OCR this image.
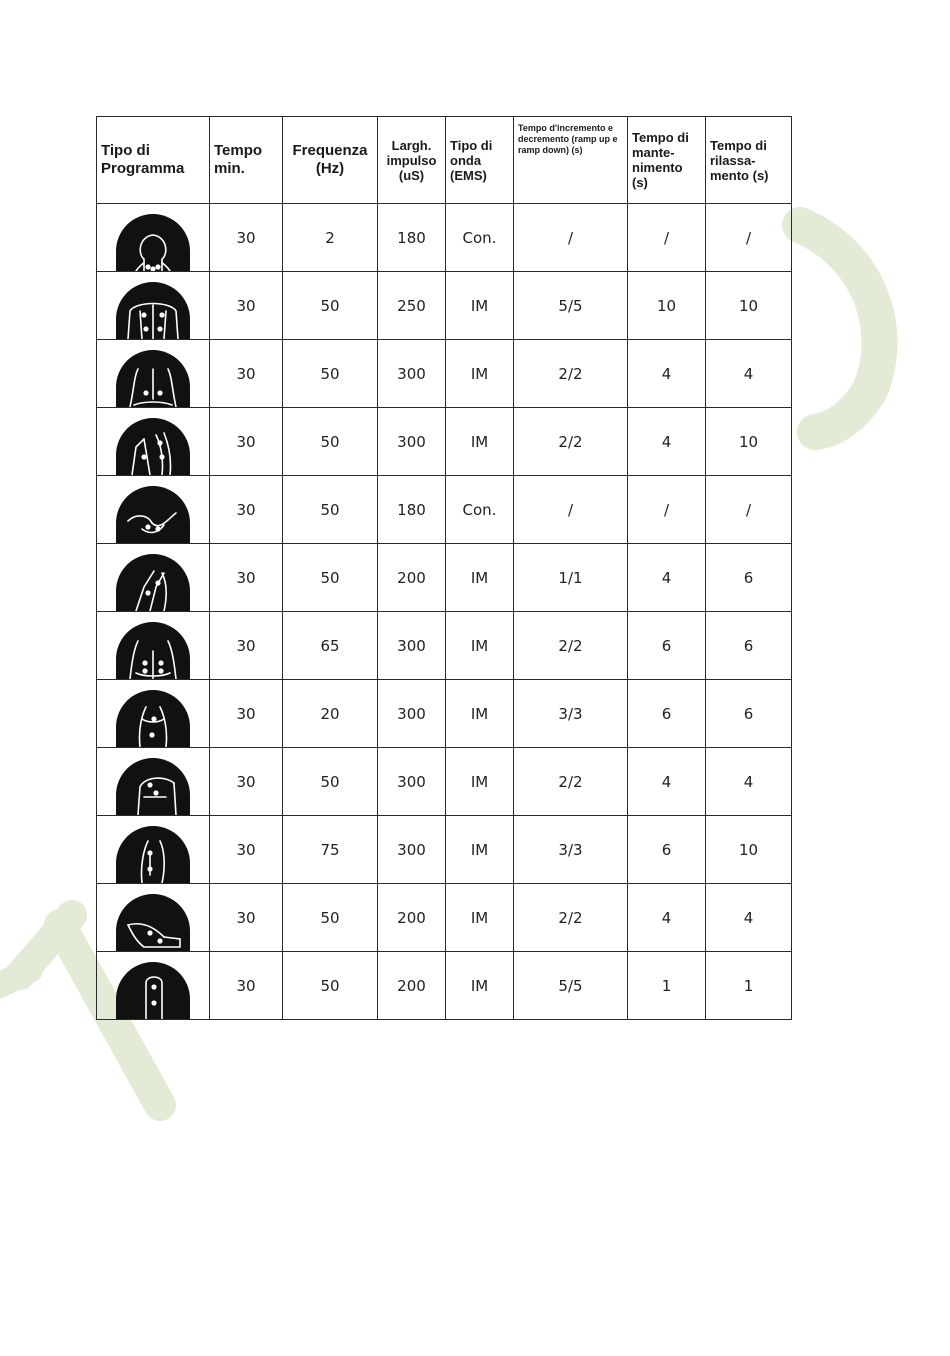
Tipo di Programma	Tempo min.	Frequenza (Hz)	Largh. impulso (uS)	Tipo di onda (EMS)	Tempo d'incremento e decremento (ramp up e ramp down) (s)	Tempo di mante-nimento (s)	Tempo di rilassa-mento (s)

	30	2	180	Con.	/	/	/

	30	50	250	IM	5/5	10	10

	30	50	300	IM	2/2	4	4

	30	50	300	IM	2/2	4	10

	30	50	180	Con.	/	/	/

	30	50	200	IM	1/1	4	6

	30	65	300	IM	2/2	6	6

	30	20	300	IM	3/3	6	6

	30	50	300	IM	2/2	4	4

	30	75	300	IM	3/3	6	10

	30	50	200	IM	2/2	4	4

	30	50	200	IM	5/5	1	1
